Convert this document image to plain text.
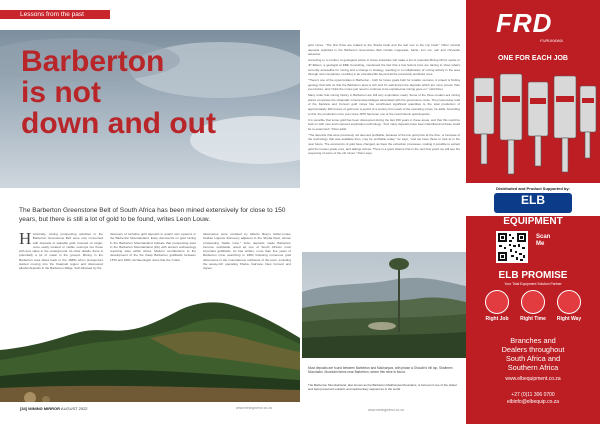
Lessons from the past
Barberton
is not
down and out
The Barberton Greenstone Belt of South Africa has been mined extensively for close to 150 years, but there is still a lot of gold to be found, writes Leon Louw.
H istorically, mining prospecting activities in the Barberton Greenstone Belt were only concerned with deposits of saleable gold, focused on larger, more easily located or visible outcrops but those with less value in the underground. Its other details, there is potentially a lot of metal in the ground. Mining in the Barberton area dates back to the 1880s when prospectors started moving into the Kaapvall region and discovered alluvial deposits in the Barberton Ridge. Soft-followed by the
discovery of lucrative gold deposits in quartz vein systems in the Barberton Mountainland. Early documents on gold mining in the Barberton Mountainland indicate that prospecting sites in the Barberton Mountainland (ZA) with ancient archaeology reporting sites within Africa. Modern contributions to the development of the De Kaap Barberton goldfields between 1870 and 1884. Archaeologist notes that the "initial
discoveries were sculpted by Alberto Bray's father-in-law, Kindiso Lippera' discovery adjacent to the Sheba Reef, whose prospecting Nadia mine." Jeho deposits made Barberton become worldwide noted as one of South Africa's most important goldfields. As has written, more than five years of Barberton mine searching in 1884 following numerous gold discoveries in the mountainous northwest of the town, including the assay-rich operating Sheba, Fairview, New Consort and Agnes.
[34] MINING MIRROR AUGUST 2022	www.miningmirror.co.za

gold mines. "The first three are related to the Sheba Fault and the last one to the Lily Fault." Other mineral deposits exploited in the Barberton Greenstone Belt include magnesite, barite, iron ore, talc and chrysotile asbestos.

According to a number of geologists active in these industries will make a list of potential Mining Mirror spoke to JP Ellison, a geologist at EBE Consulting, mentioned the fact that a few factors here are having to show what's currently accessible for mining and a change in strategy, resulting in a multiplication of mining activity in the area through new companies, resulting in an extended life beyond all the previously predicted ones.

"There's one of the opportunities in Barberton - both for future goals both for smaller ventures. A project is finding geology that tells us that the Barberton area is rich and it's well-known the deposits which are more proven than ever before, and I think the mines just need to continue to be exploited as mining goes on," said Peter.

Many order that mining history in Barberton are still very exploration ready. Some of the three modern-era mining plants comprises the ultramafic mineral assemblages associated with the greenstone rocks. The present-day total of the Fairview and Consort gold mines has contributed significant quantities to the total production of approximately 300 tonnes of gold over a period of a century from each of the operating mines, he adds. According to this, the production mine ever since 1870 has been one of the most historic gold deposits.

It is possible that some gold has been discovered during the last 150 years in these areas, and that this could be built on with new and improved exploration technology. "And many deposits have been identified and these could be re-examined," Peter adds.

"The deposits that were previously not deemed profitable, because of the low gold price at the time, or because of the technology that was available then, may be profitable today," he says, "and we have these to look at in the near future. The economics of gold have changed, as have the extraction processes, making it possible to extract gold from lower grade ores, and tailings dumps. There is a good chance that in the next few years we will see the reopening of some of the old mines," Peter says.

Most deposits are found between Barberton and Makhonjwa, with phase a Ghoudh's hill top, Shaltmen Mountains. Mountain farms near Barberton, where this mine is found.
The Barberton Mountainland, also known as the Barberton Makhonjwa Mountains, is formed of one of the oldest and best-preserved volcanic and sedimentary sequences in the world.
www.miningmirror.co.za
FRD
FURUKAWA
ONE FOR EACH JOB
Distributed and Product Supported by:
ELB
EQUIPMENT
Scan
Me
ELB PROMISE
Your Total Equipment Solution Partner
Right Job	Right Time	Right Way
Branches and
Dealers throughout
South Africa and
Southern Africa
www.elbequipment.co.za
+27 (0)11 306 0700
elbinfo@elbequip.co.za
